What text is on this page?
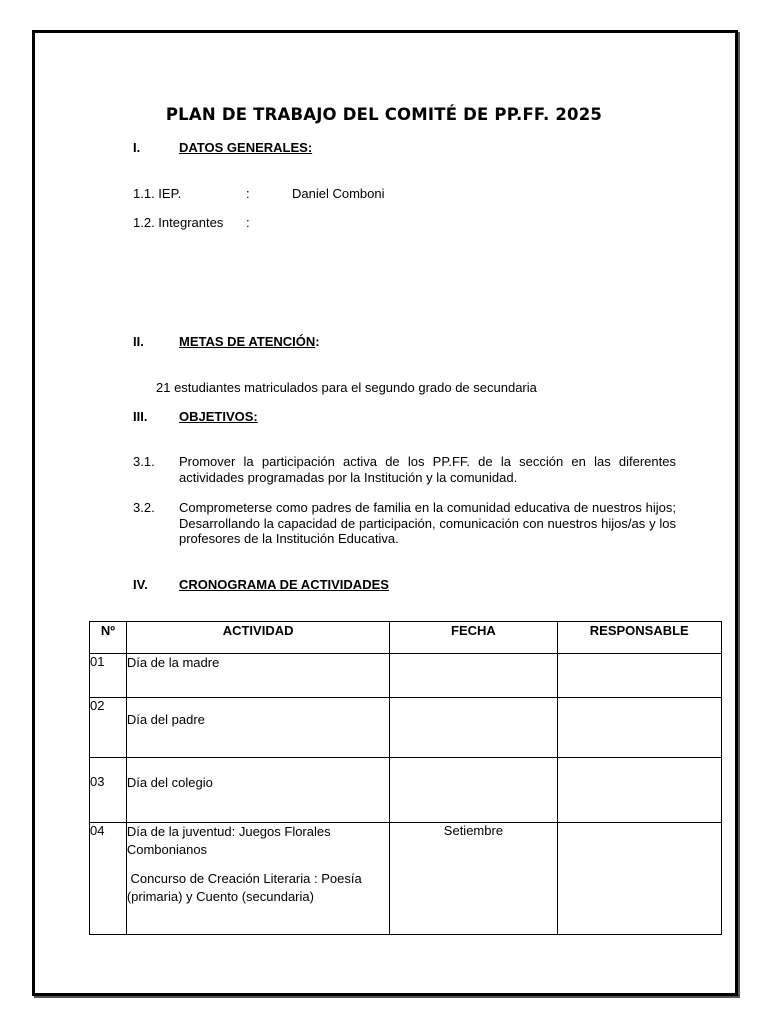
PLAN DE TRABAJO DEL COMITÉ DE PP.FF. 2025
I.	DATOS GENERALES:
1.1. IEP.	:	Daniel Comboni
1.2. Integrantes :
II.	METAS DE ATENCIÓN:
21 estudiantes matriculados para el segundo grado de secundaria
III. OBJETIVOS:
3.1. Promover la participación activa de los PP.FF. de la sección en las diferentes actividades programadas por la Institución y la comunidad.
3.2. Comprometerse como padres de familia en la comunidad educativa de nuestros hijos; Desarrollando la capacidad de participación, comunicación con nuestros hijos/as y los profesores de la Institución Educativa.
IV. CRONOGRAMA DE ACTIVIDADES
Nº	ACTIVIDAD	FECHA	RESPONSABLE
01	Día de la madre		
02	Día del padre		
03	Día del colegio		
04	Día de la juventud: Juegos Florales Combonianos
Concurso de Creación Literaria : Poesía (primaria) y Cuento (secundaria)	Setiembre	
